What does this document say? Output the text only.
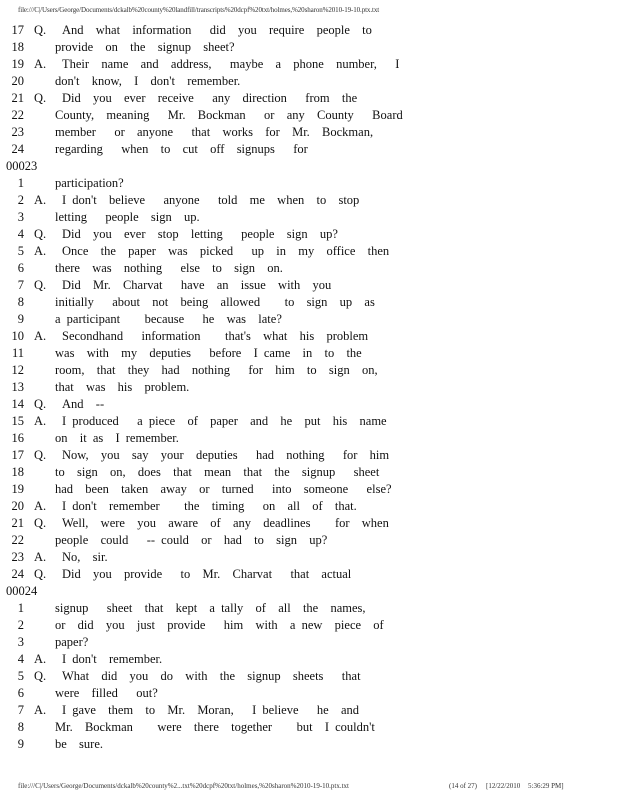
file:///C|/Users/George/Documents/dckalb%20county%20landfill/transcripts%20dcpf%20txt/holmes,%20sharon%2010-19-10.ptx.txt
17 Q. And  what  information   did  you  require  people  to
18 provide  on  the  signup  sheet?
19 A. Their  name  and  address,   maybe  a  phone  number,   I
20 don't  know,  I  don't  remember.
21 Q. Did  you  ever  receive   any  direction   from  the
22 County,  meaning   Mr.  Bockman   or  any  County   Board
23 member   or  anyone   that  works  for  Mr.  Bockman,
24 regarding   when  to  cut  off  signups   for
00023
1 participation?
2 A. I don't  believe   anyone   told  me  when  to  stop
3 letting   people  sign  up.
4 Q. Did  you  ever  stop  letting   people  sign  up?
5 A. Once  the  paper  was  picked   up  in  my  office  then
6 there  was  nothing   else  to  sign  on.
7 Q. Did  Mr.  Charvat   have  an  issue  with  you
8 initially   about  not  being  allowed    to  sign  up  as
9 a participant    because   he  was  late?
10 A. Secondhand   information    that's  what  his  problem
11 was  with  my  deputies   before  I came  in  to  the
12 room,  that  they  had  nothing   for  him  to  sign  on,
13 that  was  his  problem.
14 Q. And  --
15 A. I produced   a piece  of  paper  and  he  put  his  name
16 on  it as  I remember.
17 Q. Now,  you  say  your  deputies   had  nothing   for  him
18 to  sign  on,  does  that  mean  that  the  signup   sheet
19 had  been  taken  away  or  turned   into  someone   else?
20 A. I don't  remember    the  timing   on  all  of  that.
21 Q. Well,  were  you  aware  of  any  deadlines    for  when
22 people  could   -- could  or  had  to  sign  up?
23 A. No,  sir.
24 Q. Did  you  provide   to  Mr.  Charvat   that  actual
00024
1 signup   sheet  that  kept  a tally  of  all  the  names,
2 or  did  you  just  provide   him  with  a new  piece  of
3 paper?
4 A. I don't  remember.
5 Q. What  did  you  do  with  the  signup  sheets   that
6 were  filled   out?
7 A. I gave  them  to  Mr.  Moran,   I believe   he  and
8 Mr.  Bockman    were  there  together    but  I couldn't
9 be  sure.
file:///C|/Users/George/Documents/dckalb%20county%2...txt%20dcpf%20txt/holmes,%20sharon%2010-19-10.ptx.txt	(14 of 27) [12/22/2010 5:36:29 PM]
